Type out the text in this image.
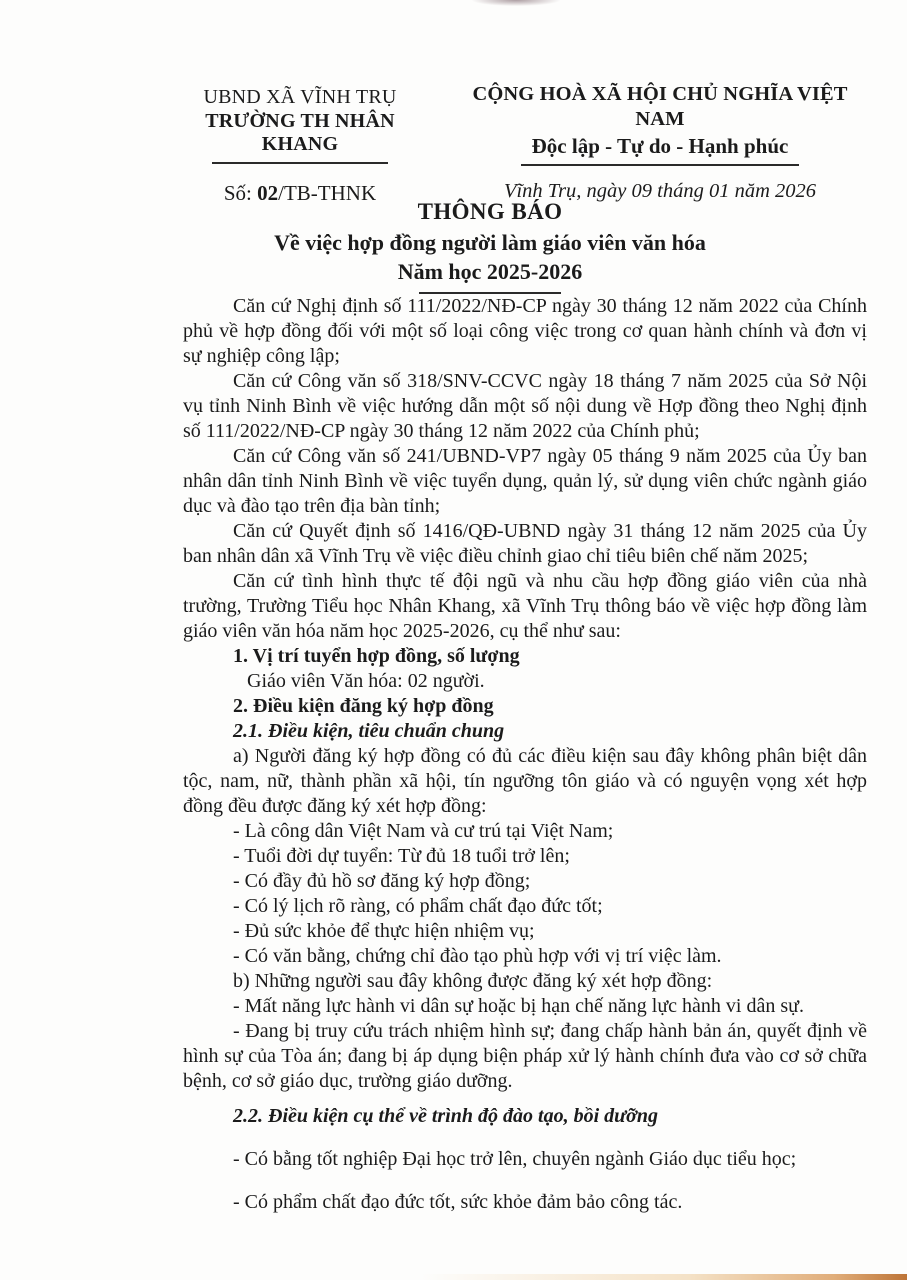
UBND XÃ VĨNH TRỤ
TRƯỜNG TH NHÂN KHANG
Số: 02/TB-THNK
CỘNG HOÀ XÃ HỘI CHỦ NGHĨA VIỆT NAM
Độc lập - Tự do - Hạnh phúc
Vĩnh Trụ, ngày 09 tháng 01 năm 2026
THÔNG BÁO
Về việc hợp đồng người làm giáo viên văn hóa
Năm học 2025-2026

Căn cứ Nghị định số 111/2022/NĐ-CP ngày 30 tháng 12 năm 2022 của Chính phủ về hợp đồng đối với một số loại công việc trong cơ quan hành chính và đơn vị sự nghiệp công lập;

Căn cứ Công văn số 318/SNV-CCVC ngày 18 tháng 7 năm 2025 của Sở Nội vụ tỉnh Ninh Bình về việc hướng dẫn một số nội dung về Hợp đồng theo Nghị định số 111/2022/NĐ-CP ngày 30 tháng 12 năm 2022 của Chính phủ;

Căn cứ Công văn số 241/UBND-VP7 ngày 05 tháng 9 năm 2025 của Ủy ban nhân dân tỉnh Ninh Bình về việc tuyển dụng, quản lý, sử dụng viên chức ngành giáo dục và đào tạo trên địa bàn tỉnh;

Căn cứ Quyết định số 1416/QĐ-UBND ngày 31 tháng 12 năm 2025 của Ủy ban nhân dân xã Vĩnh Trụ về việc điều chỉnh giao chỉ tiêu biên chế năm 2025;

Căn cứ tình hình thực tế đội ngũ và nhu cầu hợp đồng giáo viên của nhà trường, Trường Tiểu học Nhân Khang, xã Vĩnh Trụ thông báo về việc hợp đồng làm giáo viên văn hóa năm học 2025-2026, cụ thể như sau:

1. Vị trí tuyển hợp đồng, số lượng

Giáo viên Văn hóa: 02 người.

2. Điều kiện đăng ký hợp đồng

2.1. Điều kiện, tiêu chuẩn chung

a) Người đăng ký hợp đồng có đủ các điều kiện sau đây không phân biệt dân tộc, nam, nữ, thành phần xã hội, tín ngưỡng tôn giáo và có nguyện vọng xét hợp đồng đều được đăng ký xét hợp đồng:

- Là công dân Việt Nam và cư trú tại Việt Nam;

- Tuổi đời dự tuyển: Từ đủ 18 tuổi trở lên;

- Có đầy đủ hồ sơ đăng ký hợp đồng;

- Có lý lịch rõ ràng, có phẩm chất đạo đức tốt;

- Đủ sức khỏe để thực hiện nhiệm vụ;

- Có văn bằng, chứng chỉ đào tạo phù hợp với vị trí việc làm.

b) Những người sau đây không được đăng ký xét hợp đồng:

- Mất năng lực hành vi dân sự hoặc bị hạn chế năng lực hành vi dân sự.

- Đang bị truy cứu trách nhiệm hình sự; đang chấp hành bản án, quyết định về hình sự của Tòa án; đang bị áp dụng biện pháp xử lý hành chính đưa vào cơ sở chữa bệnh, cơ sở giáo dục, trường giáo dưỡng.

2.2. Điều kiện cụ thể về trình độ đào tạo, bồi dưỡng

- Có bằng tốt nghiệp Đại học trở lên, chuyên ngành Giáo dục tiểu học;

- Có phẩm chất đạo đức tốt, sức khỏe đảm bảo công tác.
